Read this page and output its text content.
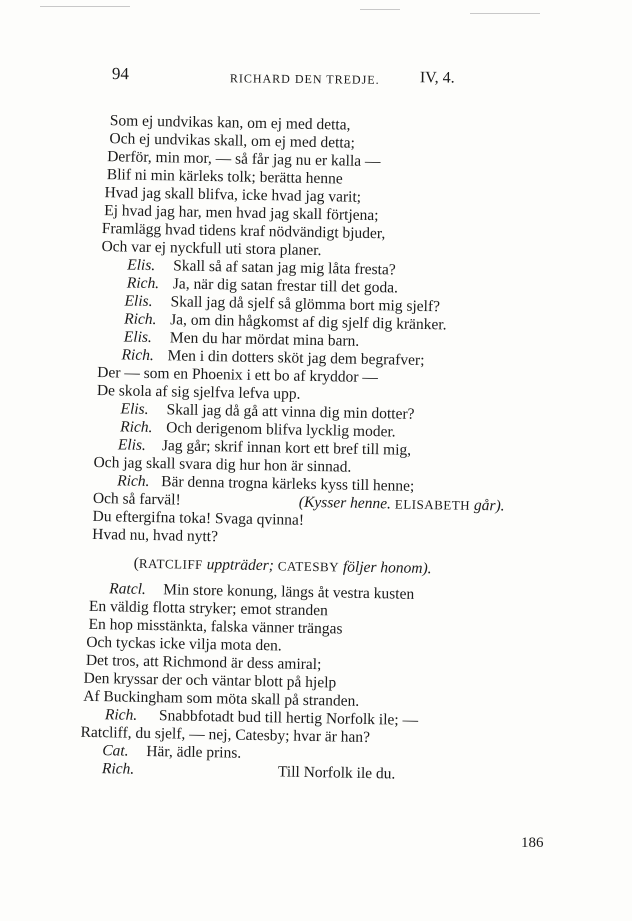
94	RICHARD DEN TREDJE.	IV, 4.
Som ej undvikas kan, om ej med detta,
Och ej undvikas skall, om ej med detta;
Derför, min mor, — så får jag nu er kalla —
Blif ni min kärleks tolk; berätta henne
Hvad jag skall blifva, icke hvad jag varit;
Ej hvad jag har, men hvad jag skall förtjena;
Framlägg hvad tidens kraf nödvändigt bjuder,
Och var ej nyckfull uti stora planer.
Elis. Skall så af satan jag mig låta fresta?
Rich. Ja, när dig satan frestar till det goda.
Elis. Skall jag då sjelf så glömma bort mig sjelf?
Rich. Ja, om din hågkomst af dig sjelf dig kränker.
Elis. Men du har mördat mina barn.
Rich. Men i din dotters sköt jag dem begrafver;
Der — som en Phoenix i ett bo af kryddor —
De skola af sig sjelfva lefva upp.
Elis. Skall jag då gå att vinna dig min dotter?
Rich. Och derigenom blifva lycklig moder.
Elis. Jag går; skrif innan kort ett bref till mig,
Och jag skall svara dig hur hon är sinnad.
Rich. Bär denna trogna kärleks kyss till henne;
Och så farväl!	(Kysser henne. ELISABETH går).
Du eftergifna toka! Svaga qvinna!
Hvad nu, hvad nytt?
(RATCLIFF uppträder; CATESBY följer honom).
Ratcl. Min store konung, längs åt vestra kusten
En väldig flotta stryker; emot stranden
En hop misstänkta, falska vänner trängas
Och tyckas icke vilja mota den.
Det tros, att Richmond är dess amiral;
Den kryssar der och väntar blott på hjelp
Af Buckingham som möta skall på stranden.
Rich. Snabbfotadt bud till hertig Norfolk ile; —
Ratcliff, du sjelf, — nej, Catesby; hvar är han?
Cat. Här, ädle prins.
Rich.	Till Norfolk ile du.
186
